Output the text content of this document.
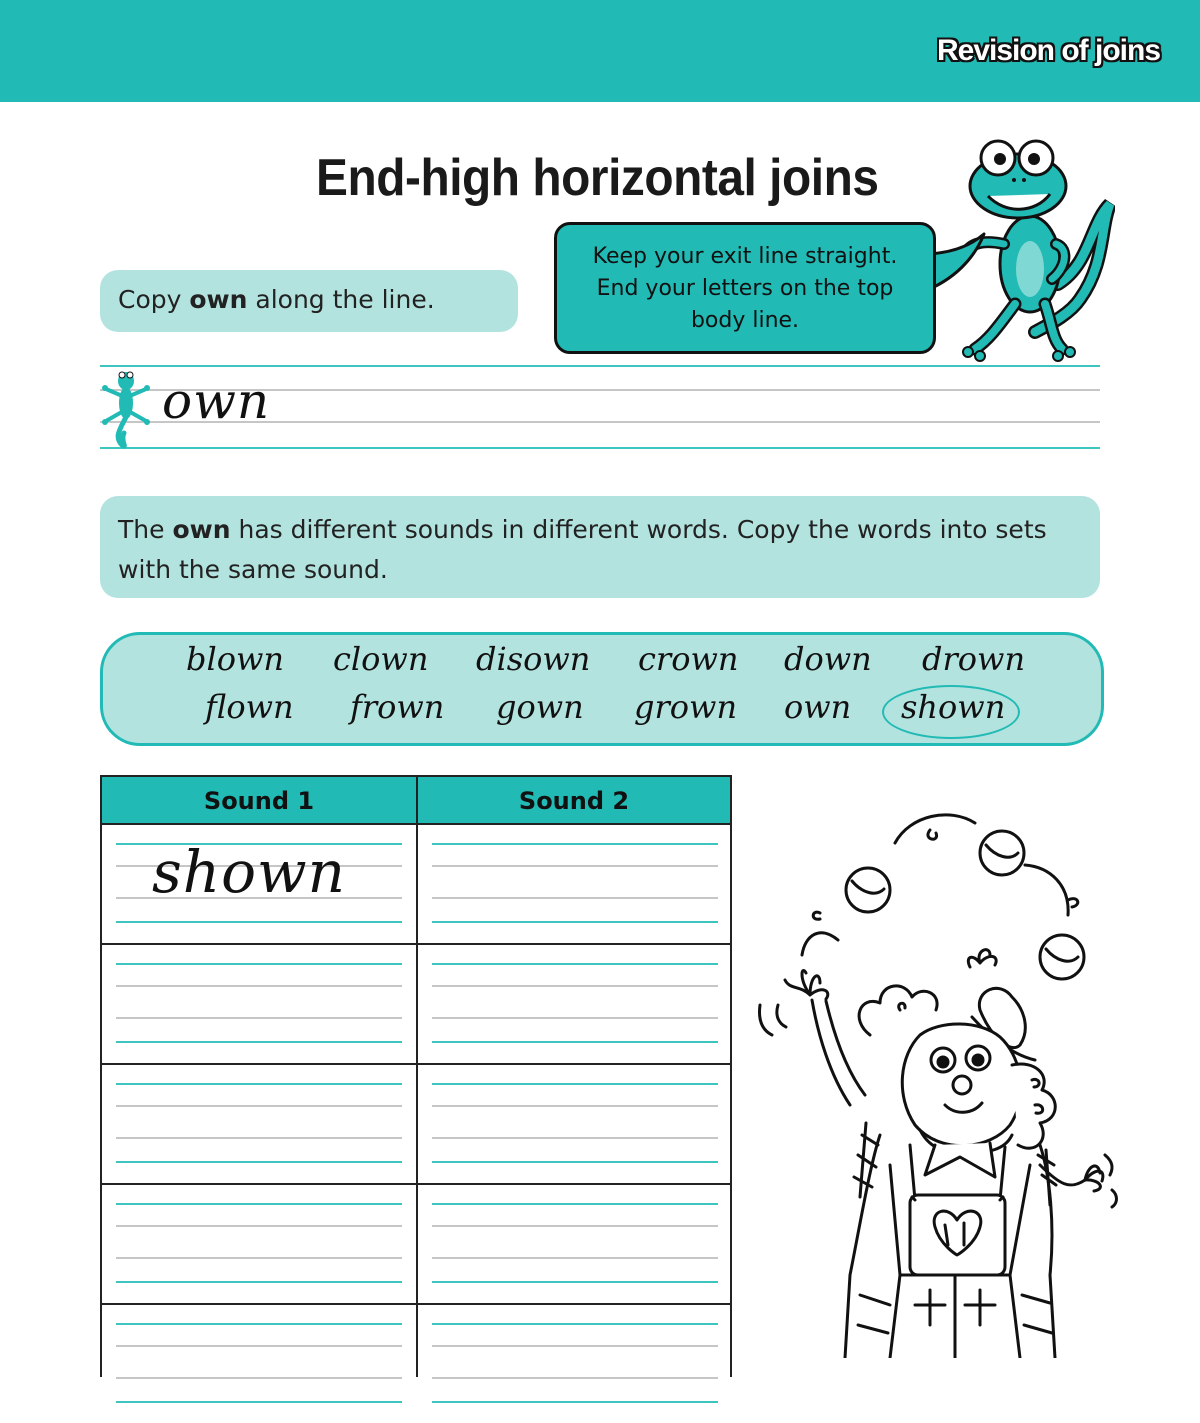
Revision of joins
End-high horizontal joins
Keep your exit line straight.
End your letters on the top
body line.
Copy own along the line.
own
The own has different sounds in different words. Copy the words into sets with the same sound.
blown clown disown crown down drown
flown frown gown grown own shown
Sound 1	Sound 2
shown
